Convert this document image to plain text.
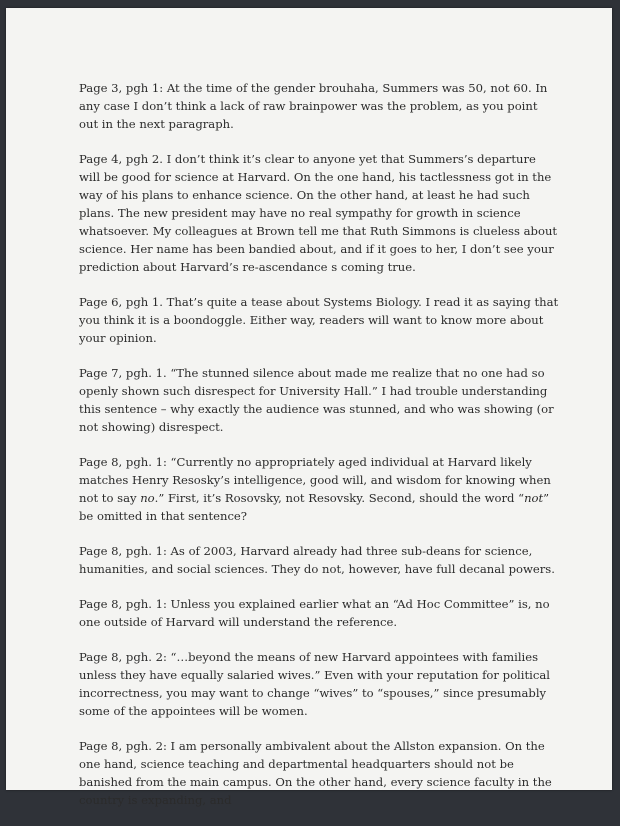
Page 3, pgh 1: At the time of the gender brouhaha, Summers was 50, not 60. In any case I don’t think a lack of raw brainpower was the problem, as you point out in the next paragraph.

Page 4, pgh 2. I don’t think it’s clear to anyone yet that Summers’s departure will be good for science at Harvard. On the one hand, his tactlessness got in the way of his plans to enhance science. On the other hand, at least he had such plans. The new president may have no real sympathy for growth in science whatsoever. My colleagues at Brown tell me that Ruth Simmons is clueless about science. Her name has been bandied about, and if it goes to her, I don’t see your prediction about Harvard’s re-ascendance s coming true.

Page 6, pgh 1. That’s quite a tease about Systems Biology. I read it as saying that you think it is a boondoggle. Either way, readers will want to know more about your opinion.

Page 7, pgh. 1. “The stunned silence about made me realize that no one had so openly shown such disrespect for University Hall.” I had trouble understanding this sentence – why exactly the audience was stunned, and who was showing (or not showing) disrespect.

Page 8, pgh. 1: “Currently no appropriately aged individual at Harvard likely matches Henry Resosky’s intelligence, good will, and wisdom for knowing when not to say no.” First, it’s Rosovsky, not Resovsky. Second, should the word “not” be omitted in that sentence?

Page 8, pgh. 1: As of 2003, Harvard already had three sub-deans for science, humanities, and social sciences. They do not, however, have full decanal powers.

Page 8, pgh. 1: Unless you explained earlier what an “Ad Hoc Committee” is, no one outside of Harvard will understand the reference.

Page 8, pgh. 2: “…beyond the means of new Harvard appointees with families unless they have equally salaried wives.” Even with your reputation for political incorrectness, you may want to change “wives” to “spouses,” since presumably some of the appointees will be women.

Page 8, pgh. 2: I am personally ambivalent about the Allston expansion. On the one hand, science teaching and departmental headquarters should not be banished from the main campus. On the other hand, every science faculty in the country is expanding, and
